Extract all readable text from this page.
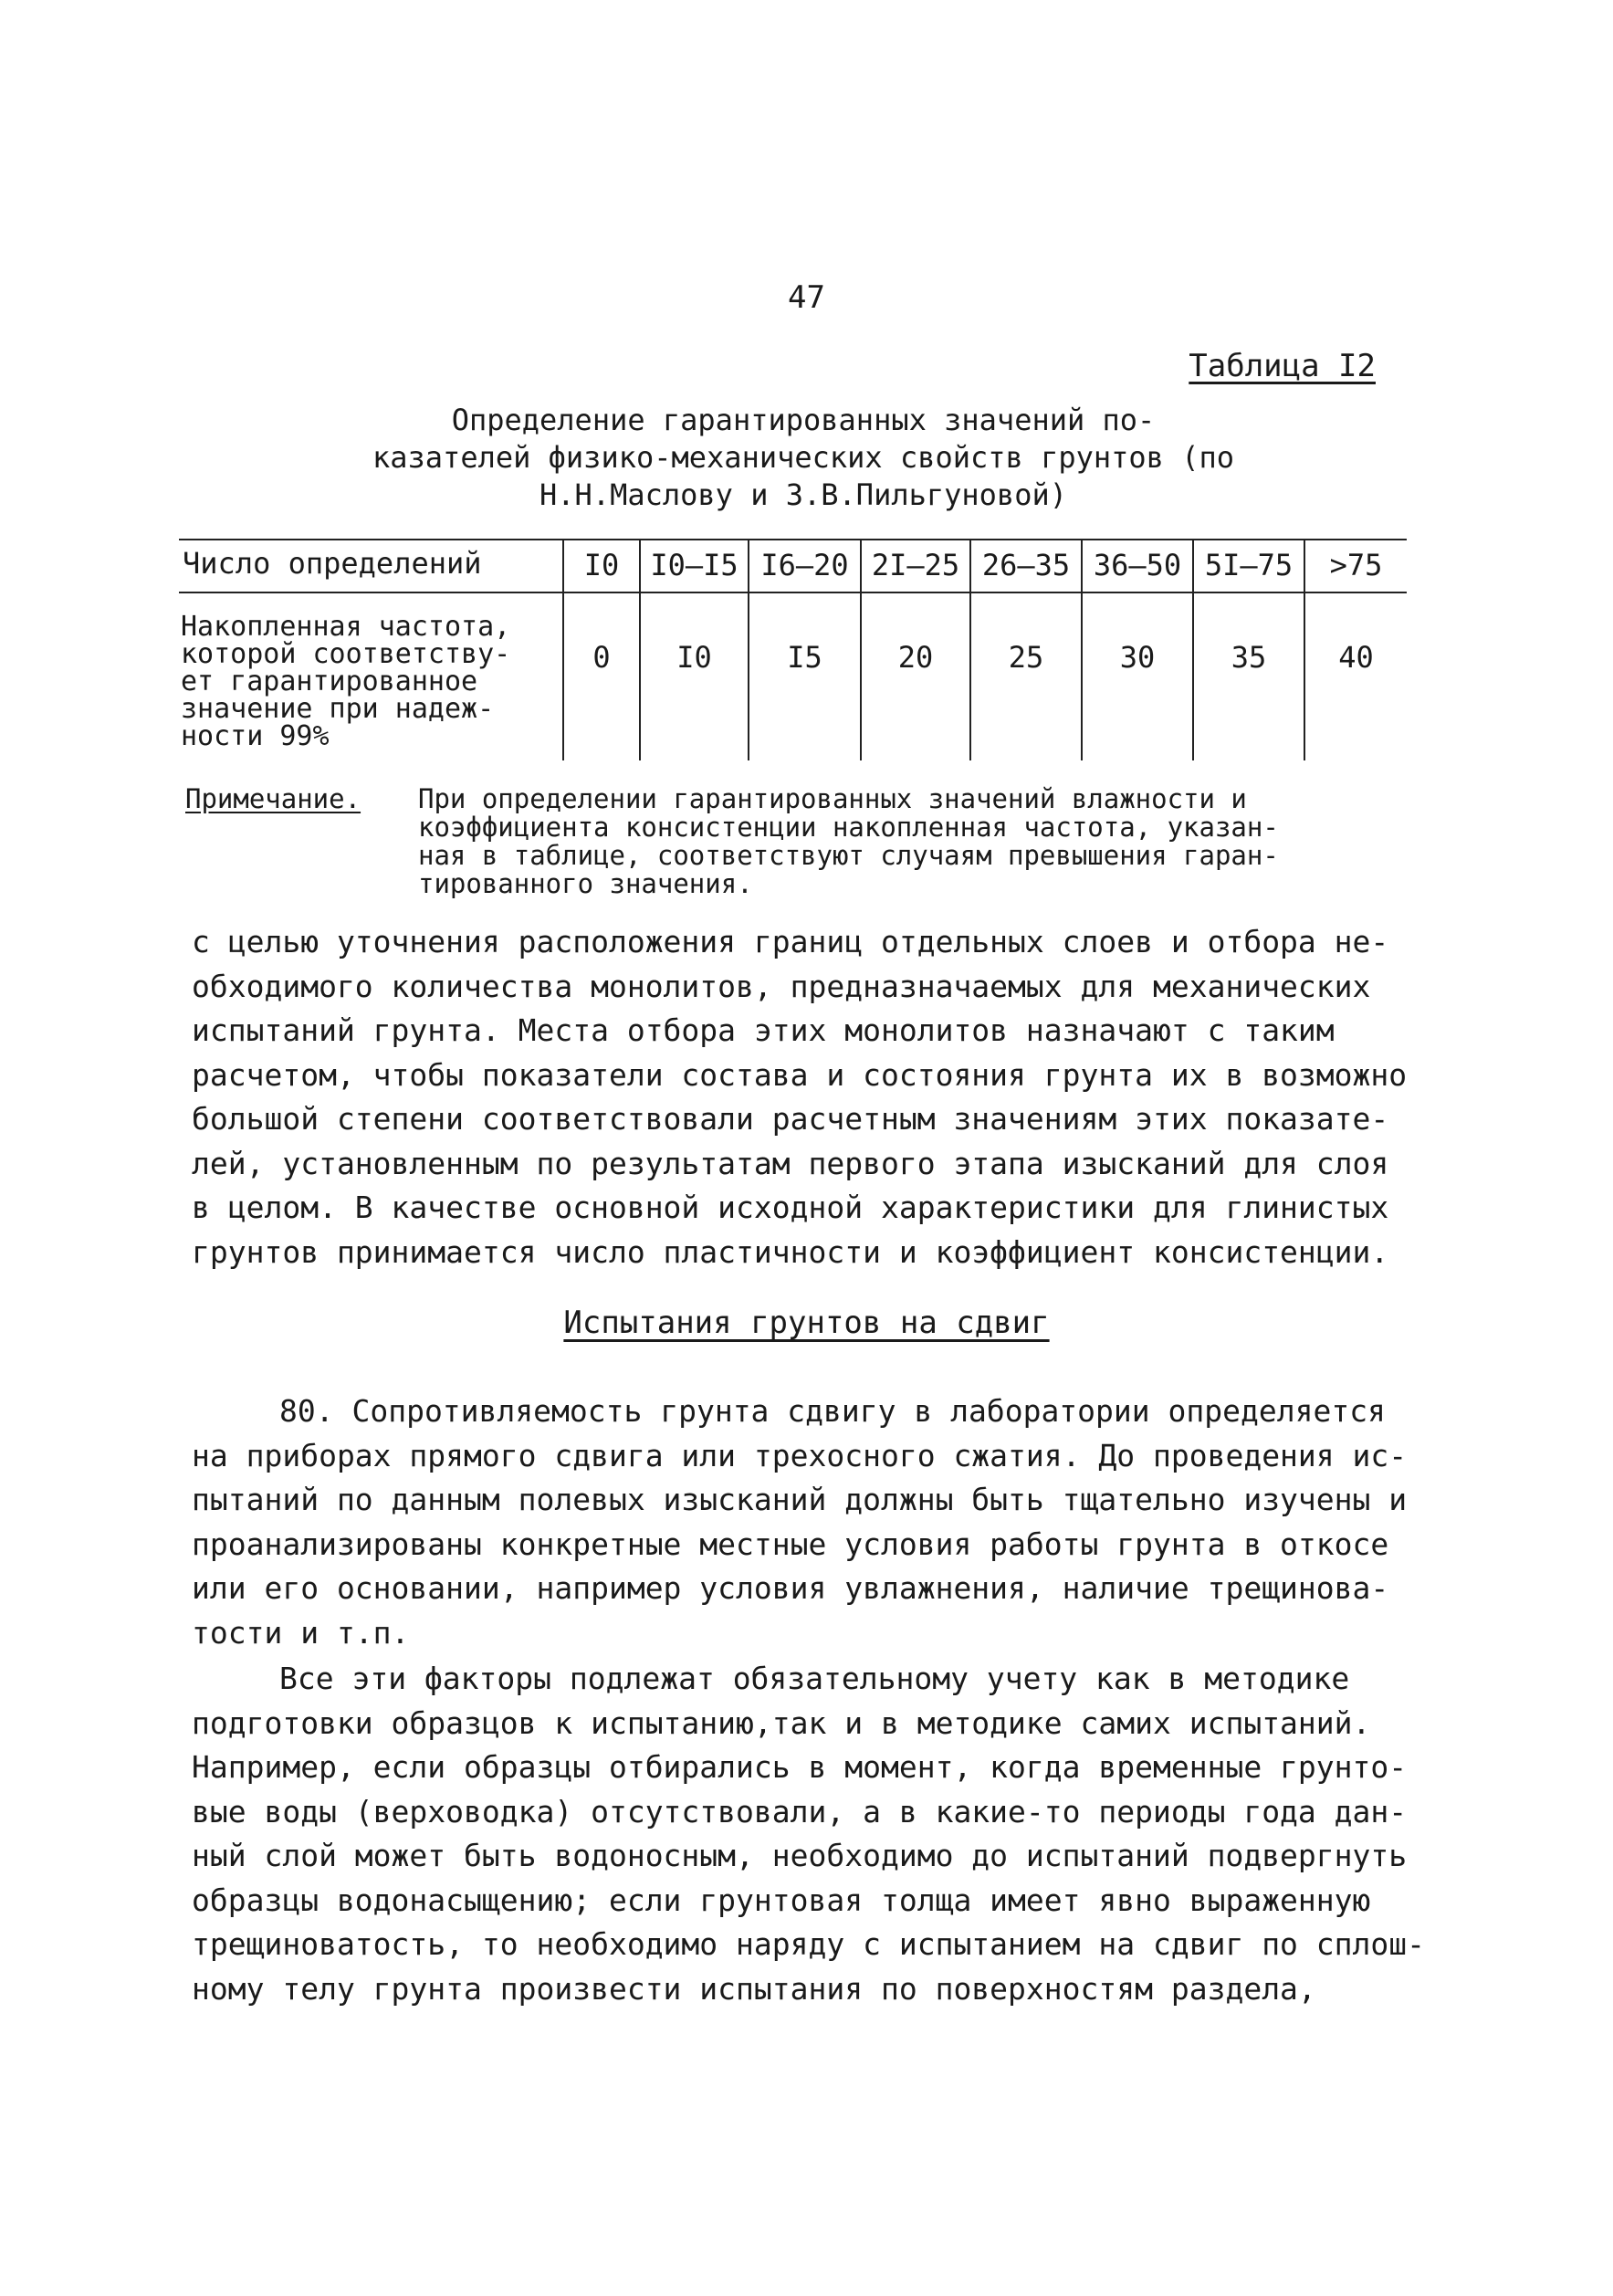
47
Таблица I2
Определение гарантированных значений по-
казателей физико-механических свойств грунтов (по
Н.Н.Маслову и З.В.Пильгуновой)
Число определений	I0	I0–I5 I6–20 2I–25 26–35 36–50 5I–75	>75
Накопленная частота,
которой соответству-
ет гарантированное
значение при надеж-
ности 99%
0	I0	I5	20	25	30	35	40
Примечание. При определении гарантированных значений влажности и
коэффициента консистенции накопленная частота, указан-
ная в таблице, соответствуют случаям превышения гаран-
тированного значения.
с целью уточнения расположения границ отдельных слоев и отбора не-
обходимого количества монолитов, предназначаемых для механических
испытаний грунта. Места отбора этих монолитов назначают с таким
расчетом, чтобы показатели состава и состояния грунта их в возможно
большой степени соответствовали расчетным значениям этих показате-
лей, установленным по результатам первого этапа изысканий для слоя
в целом. В качестве основной исходной характеристики для глинистых
грунтов принимается число пластичности и коэффициент консистенции.
Испытания грунтов на сдвиг
80. Сопротивляемость грунта сдвигу в лаборатории определяется
на приборах прямого сдвига или трехосного сжатия. До проведения ис-
пытаний по данным полевых изысканий должны быть тщательно изучены и
проанализированы конкретные местные условия работы грунта в откосе
или его основании, например условия увлажнения, наличие трещинова-
тости и т.п.
Все эти факторы подлежат обязательному учету как в методике
подготовки образцов к испытанию,так и в методике самих испытаний.
Например, если образцы отбирались в момент, когда временные грунто-
вые воды (верховодка) отсутствовали, а в какие-то периоды года дан-
ный слой может быть водоносным, необходимо до испытаний подвергнуть
образцы водонасыщению; если грунтовая толща имеет явно выраженную
трещиноватость, то необходимо наряду с испытанием на сдвиг по сплош-
ному телу грунта произвести испытания по поверхностям раздела,
